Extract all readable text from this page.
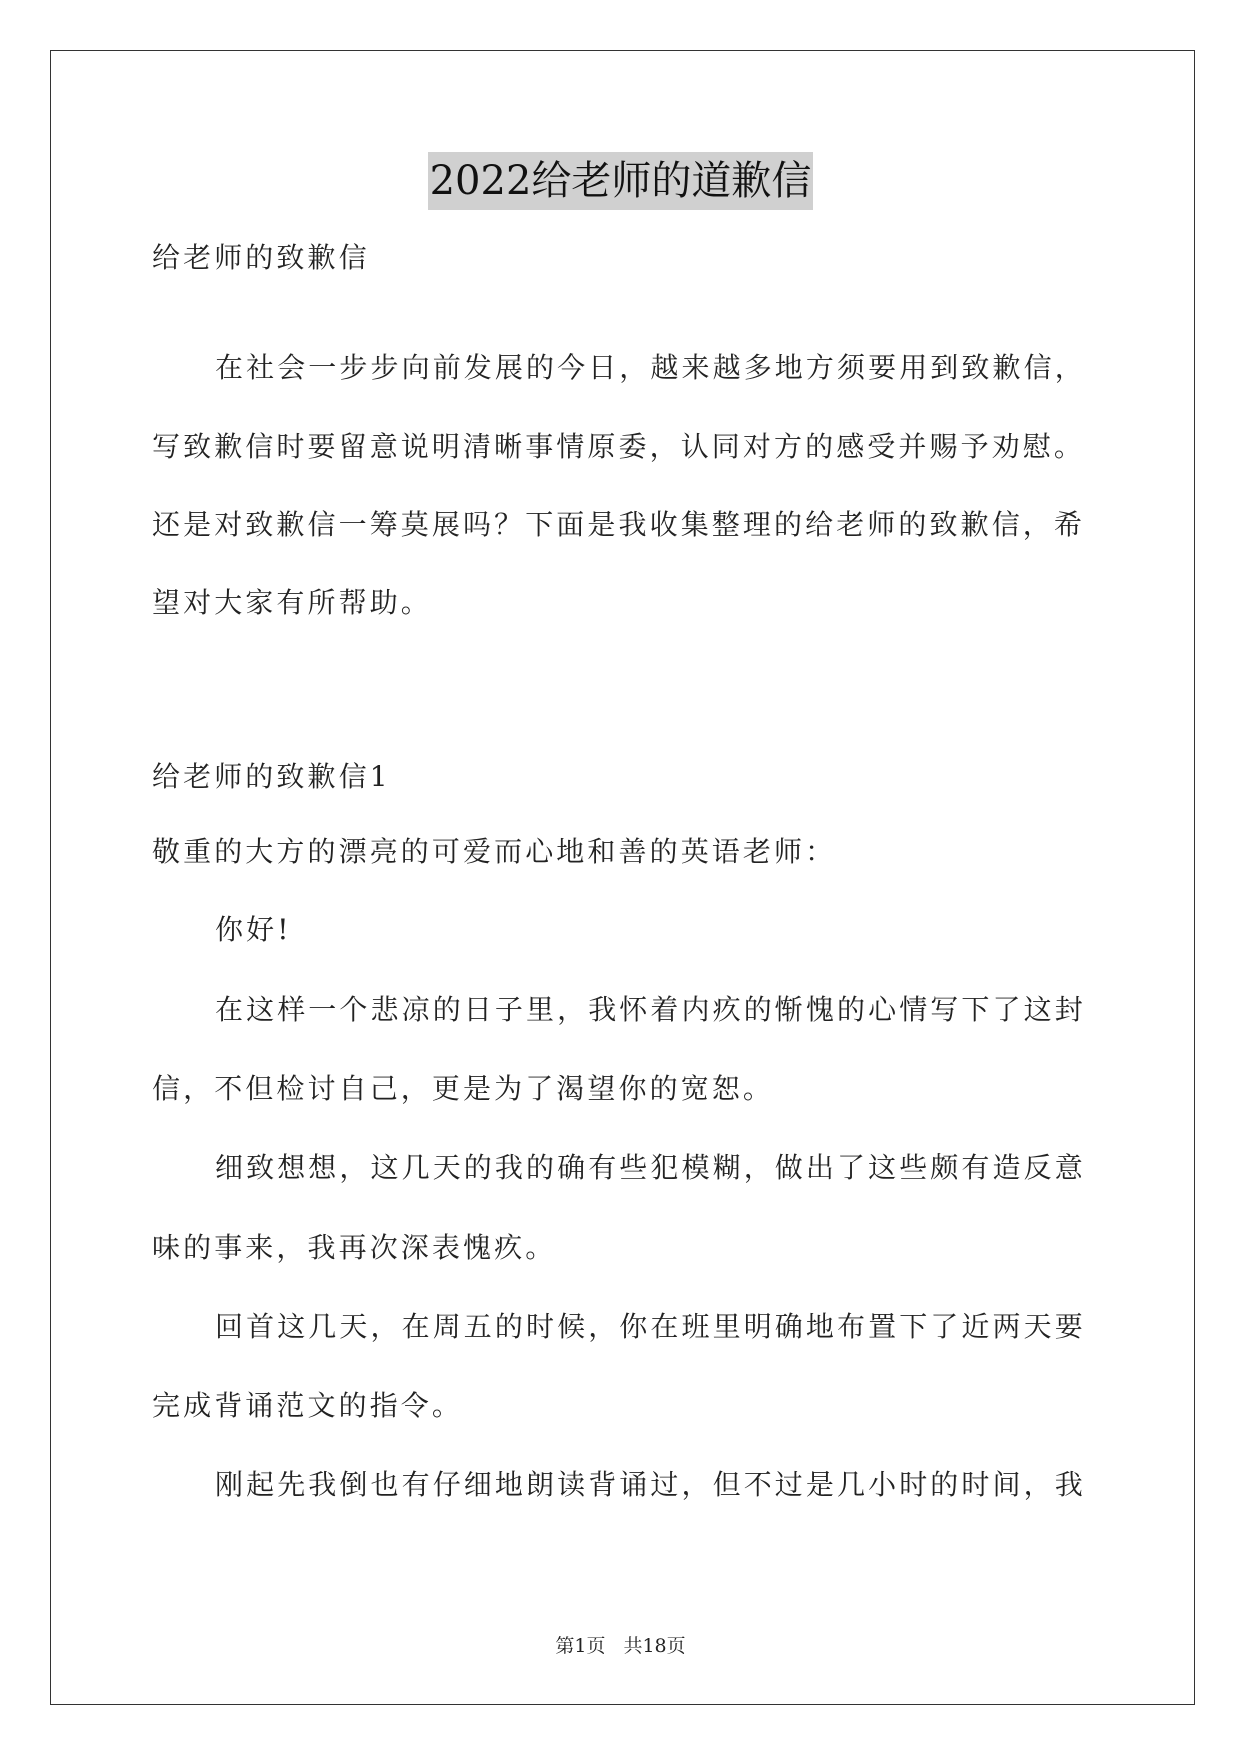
2022给老师的道歉信
给老师的致歉信
在社会一步步向前发展的今日，越来越多地方须要用到致歉信，
写致歉信时要留意说明清晰事情原委，认同对方的感受并赐予劝慰。
还是对致歉信一筹莫展吗？下面是我收集整理的给老师的致歉信，希
望对大家有所帮助。
给老师的致歉信1
敬重的大方的漂亮的可爱而心地和善的英语老师：
你好!
在这样一个悲凉的日子里，我怀着内疚的惭愧的心情写下了这封
信，不但检讨自己，更是为了渴望你的宽恕。
细致想想，这几天的我的确有些犯模糊，做出了这些颇有造反意
味的事来，我再次深表愧疚。
回首这几天，在周五的时候，你在班里明确地布置下了近两天要
完成背诵范文的指令。
刚起先我倒也有仔细地朗读背诵过，但不过是几小时的时间，我
第1页 共18页
